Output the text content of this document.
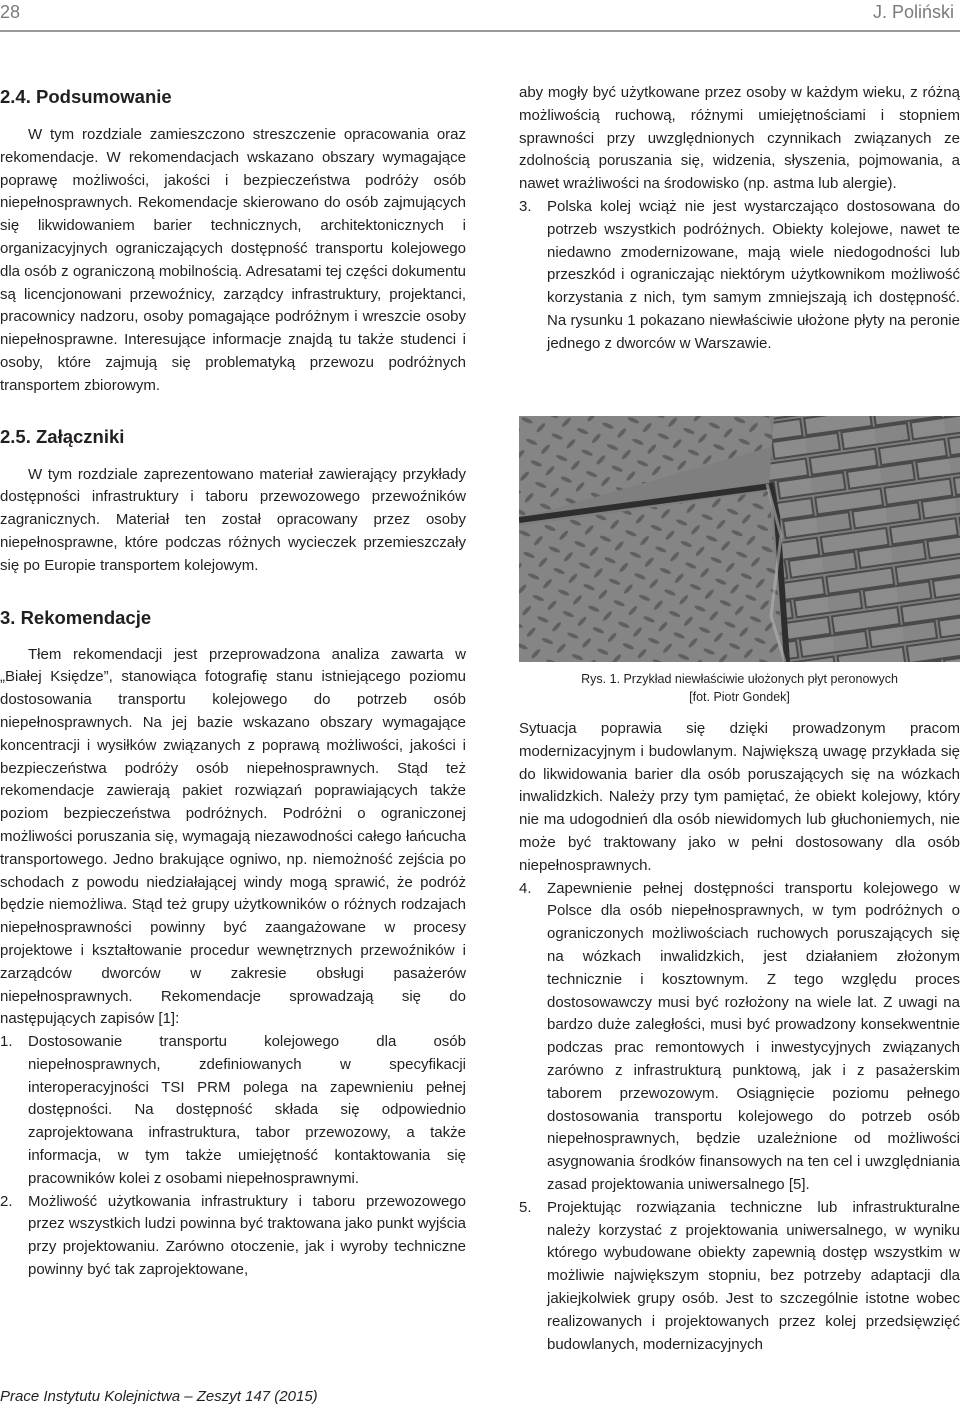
28	J. Poliński
2.4. Podsumowanie

W tym rozdziale zamieszczono streszczenie opracowania oraz rekomendacje. W rekomendacjach wskazano obszary wymagające poprawę możliwości, jakości i bezpieczeństwa podróży osób niepełnosprawnych. Rekomendacje skierowano do osób zajmujących się likwidowaniem barier technicznych, architektonicznych i organizacyjnych ograniczających dostępność transportu kolejowego dla osób z ograniczoną mobilnością. Adresatami tej części dokumentu są licencjonowani przewoźnicy, zarządcy infrastruktury, projektanci, pracownicy nadzoru, osoby pomagające podróżnym i wreszcie osoby niepełnosprawne. Interesujące informacje znajdą tu także studenci i osoby, które zajmują się problematyką przewozu podróżnych transportem zbiorowym.

2.5. Załączniki

W tym rozdziale zaprezentowano materiał zawierający przykłady dostępności infrastruktury i taboru przewozowego przewoźników zagranicznych. Materiał ten został opracowany przez osoby niepełnosprawne, które podczas różnych wycieczek przemieszczały się po Europie transportem kolejowym.

3. Rekomendacje

Tłem rekomendacji jest przeprowadzona analiza zawarta w „Białej Księdze”, stanowiąca fotografię stanu istniejącego poziomu dostosowania transportu kolejowego do potrzeb osób niepełnosprawnych. Na jej bazie wskazano obszary wymagające koncentracji i wysiłków związanych z poprawą możliwości, jakości i bezpieczeństwa podróży osób niepełnosprawnych. Stąd też rekomendacje zawierają pakiet rozwiązań poprawiających także poziom bezpieczeństwa podróżnych. Podróżni o ograniczonej możliwości poruszania się, wymagają niezawodności całego łańcucha transportowego. Jedno brakujące ogniwo, np. niemożność zejścia po schodach z powodu niedziałającej windy mogą sprawić, że podróż będzie niemożliwa. Stąd też grupy użytkowników o różnych rodzajach niepełnosprawności powinny być zaangażowane w procesy projektowe i kształtowanie procedur wewnętrznych przewoźników i zarządców dworców w zakresie obsługi pasażerów niepełnosprawnych. Rekomendacje sprowadzają się do następujących zapisów [1]:

1. Dostosowanie transportu kolejowego dla osób niepełnosprawnych, zdefiniowanych w specyfikacji interoperacyjności TSI PRM polega na zapewnieniu pełnej dostępności. Na dostępność składa się odpowiednio zaprojektowana infrastruktura, tabor przewozowy, a także informacja, w tym także umiejętność kontaktowania się pracowników kolei z osobami niepełnosprawnymi.
2. Możliwość użytkowania infrastruktury i taboru przewozowego przez wszystkich ludzi powinna być traktowana jako punkt wyjścia przy projektowaniu. Zarówno otoczenie, jak i wyroby techniczne powinny być tak zaprojektowane,

aby mogły być użytkowane przez osoby w każdym wieku, z różną możliwością ruchową, różnymi umiejętnościami i stopniem sprawności przy uwzględnionych czynnikach związanych ze zdolnością poruszania się, widzenia, słyszenia, pojmowania, a nawet wrażliwości na środowisko (np. astma lub alergie).

3. Polska kolej wciąż nie jest wystarczająco dostosowana do potrzeb wszystkich podróżnych. Obiekty kolejowe, nawet te niedawno zmodernizowane, mają wiele niedogodności lub przeszkód i ograniczając niektórym użytkownikom możliwość korzystania z nich, tym samym zmniejszają ich dostępność. Na rysunku 1 pokazano niewłaściwie ułożone płyty na peronie jednego z dworców w Warszawie.
Rys. 1. Przykład niewłaściwie ułożonych płyt peronowych
[fot. Piotr Gondek]

Sytuacja poprawia się dzięki prowadzonym pracom modernizacyjnym i budowlanym. Największą uwagę przykłada się do likwidowania barier dla osób poruszających się na wózkach inwalidzkich. Należy przy tym pamiętać, że obiekt kolejowy, który nie ma udogodnień dla osób niewidomych lub głuchoniemych, nie może być traktowany jako w pełni dostosowany dla osób niepełnosprawnych.

4. Zapewnienie pełnej dostępności transportu kolejowego w Polsce dla osób niepełnosprawnych, w tym podróżnych o ograniczonych możliwościach ruchowych poruszających się na wózkach inwalidzkich, jest działaniem złożonym technicznie i kosztownym. Z tego względu proces dostosowawczy musi być rozłożony na wiele lat. Z uwagi na bardzo duże zaległości, musi być prowadzony konsekwentnie podczas prac remontowych i inwestycyjnych związanych zarówno z infrastrukturą punktową, jak i z pasażerskim taborem przewozowym. Osiągnięcie poziomu pełnego dostosowania transportu kolejowego do potrzeb osób niepełnosprawnych, będzie uzależnione od możliwości asygnowania środków finansowych na ten cel i uwzględniania zasad projektowania uniwersalnego [5].
5. Projektując rozwiązania techniczne lub infrastrukturalne należy korzystać z projektowania uniwersalnego, w wyniku którego wybudowane obiekty zapewnią dostęp wszystkim w możliwie największym stopniu, bez potrzeby adaptacji dla jakiejkolwiek grupy osób. Jest to szczególnie istotne wobec realizowanych i projektowanych przez kolej przedsięwzięć budowlanych, modernizacyjnych
Prace Instytutu Kolejnictwa – Zeszyt 147 (2015)
